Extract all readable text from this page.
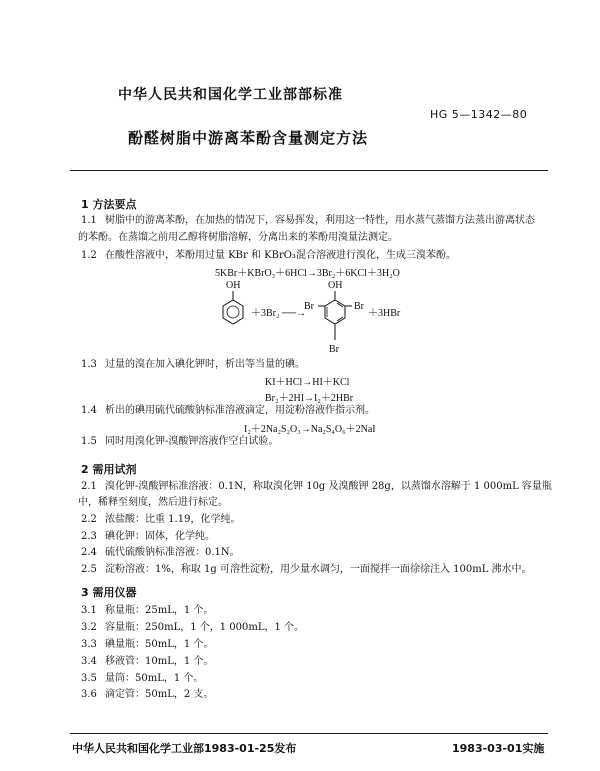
中华人民共和国化学工业部部标准
HG 5—1342—80
酚醛树脂中游离苯酚含量测定方法
1 方法要点
1.1 树脂中的游离苯酚，在加热的情况下，容易挥发，利用这一特性，用水蒸气蒸馏方法蒸出游离状态
的苯酚。在蒸馏之前用乙醇将树脂溶解，分离出来的苯酚用溴量法测定。
1.2 在酸性溶液中，苯酚用过量 KBr 和 KBrO₃混合溶液进行溴化，生成三溴苯酚。
5KBr＋KBrO₃＋6HCl→3Br₂＋6KCl＋3H₂O
OH
＋3Br₂ ──→
OH
Br	Br
Br
＋3HBr
1.3 过量的溴在加入碘化钾时，析出等当量的碘。
KI＋HCl→HI＋KCl
Br₂＋2HI→I₂＋2HBr
1.4 析出的碘用硫代硫酸钠标准溶液滴定，用淀粉溶液作指示剂。
I₂＋2Na₂S₂O₃→Na₂S₄O₆＋2NaI
1.5 同时用溴化钾-溴酸钾溶液作空白试验。
2 需用试剂
2.1 溴化钾-溴酸钾标准溶液：0.1N，称取溴化钾 10g 及溴酸钾 28g，以蒸馏水溶解于 1 000mL 容量瓶
中，稀释至刻度，然后进行标定。
2.2 浓盐酸：比重 1.19，化学纯。
2.3 碘化钾：固体，化学纯。
2.4 硫代硫酸钠标准溶液：0.1N。
2.5 淀粉溶液：1%，称取 1g 可溶性淀粉，用少量水调匀，一面搅拌一面徐徐注入 100mL 沸水中。
3 需用仪器
3.1 称量瓶：25mL，1 个。
3.2 容量瓶：250mL，1 个，1 000mL，1 个。
3.3 碘量瓶：50mL，1 个。
3.4 移液管：10mL，1 个。
3.5 量筒：50mL，1 个。
3.6 滴定管：50mL，2 支。
中华人民共和国化学工业部1983-01-25发布	1983-03-01实施
